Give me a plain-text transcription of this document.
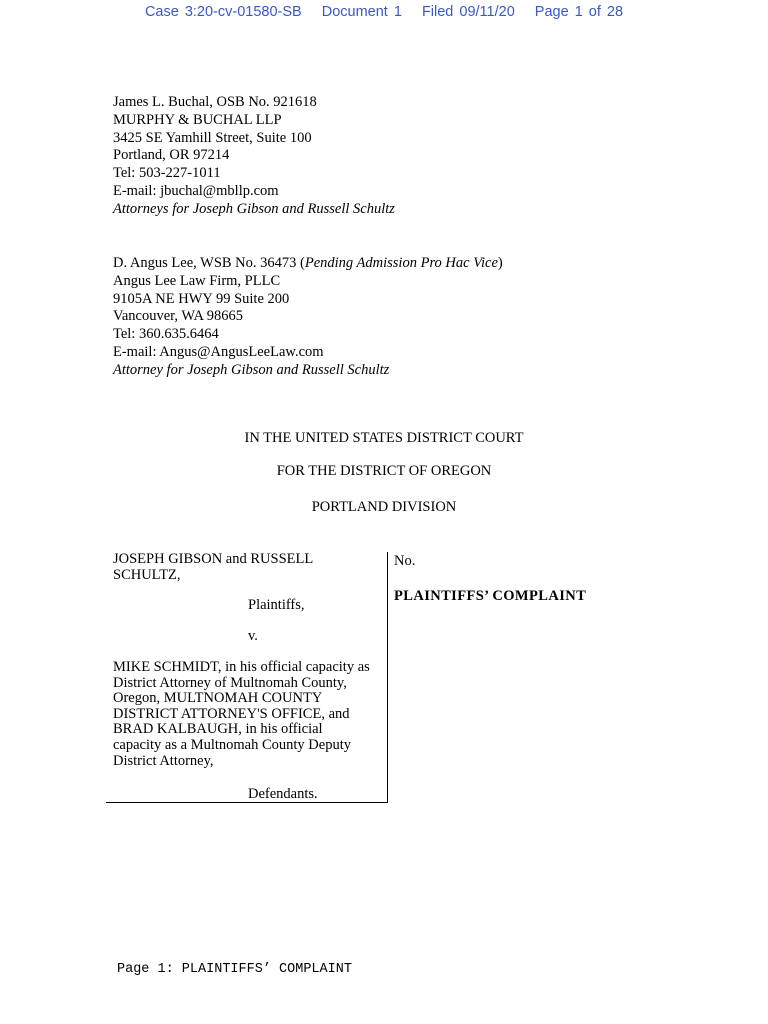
Case 3:20-cv-01580-SB Document 1 Filed 09/11/20 Page 1 of 28
James L. Buchal, OSB No. 921618
MURPHY & BUCHAL LLP
3425 SE Yamhill Street, Suite 100
Portland, OR 97214
Tel: 503-227-1011
E-mail: jbuchal@mbllp.com
Attorneys for Joseph Gibson and Russell Schultz
D. Angus Lee, WSB No. 36473 (Pending Admission Pro Hac Vice)
Angus Lee Law Firm, PLLC
9105A NE HWY 99 Suite 200
Vancouver, WA 98665
Tel: 360.635.6464
E-mail: Angus@AngusLeeLaw.com
Attorney for Joseph Gibson and Russell Schultz
IN THE UNITED STATES DISTRICT COURT
FOR THE DISTRICT OF OREGON
PORTLAND DIVISION
JOSEPH GIBSON and RUSSELL
SCHULTZ,
Plaintiffs,
v.
MIKE SCHMIDT, in his official capacity as
District Attorney of Multnomah County,
Oregon, MULTNOMAH COUNTY
DISTRICT ATTORNEY'S OFFICE, and
BRAD KALBAUGH, in his official
capacity as a Multnomah County Deputy
District Attorney,
Defendants.
No.
PLAINTIFFS’ COMPLAINT
Page 1: PLAINTIFFS’ COMPLAINT
